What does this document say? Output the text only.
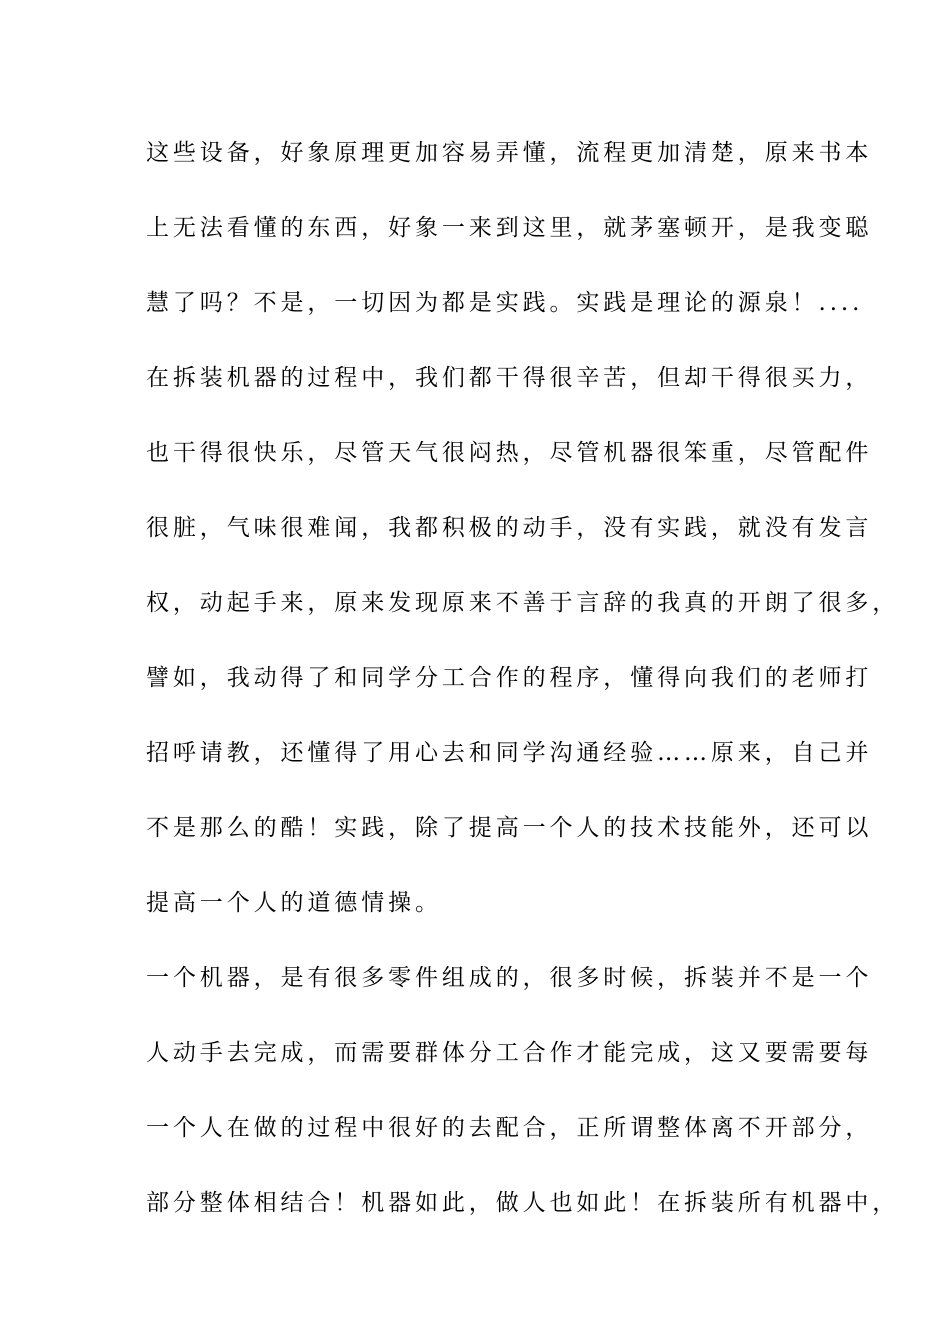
这些设备，好象原理更加容易弄懂，流程更加清楚，原来书本
上无法看懂的东西，好象一来到这里，就茅塞顿开，是我变聪
慧了吗？不是，一切因为都是实践。实践是理论的源泉！....
在拆装机器的过程中，我们都干得很辛苦，但却干得很买力，
也干得很快乐，尽管天气很闷热，尽管机器很笨重，尽管配件
很脏，气味很难闻，我都积极的动手，没有实践，就没有发言
权，动起手来，原来发现原来不善于言辞的我真的开朗了很多，
譬如，我动得了和同学分工合作的程序，懂得向我们的老师打
招呼请教，还懂得了用心去和同学沟通经验……原来，自己并
不是那么的酷！实践，除了提高一个人的技术技能外，还可以
提高一个人的道德情操。
一个机器，是有很多零件组成的，很多时候，拆装并不是一个
人动手去完成，而需要群体分工合作才能完成，这又要需要每
一个人在做的过程中很好的去配合，正所谓整体离不开部分，
部分整体相结合！机器如此，做人也如此！在拆装所有机器中，
